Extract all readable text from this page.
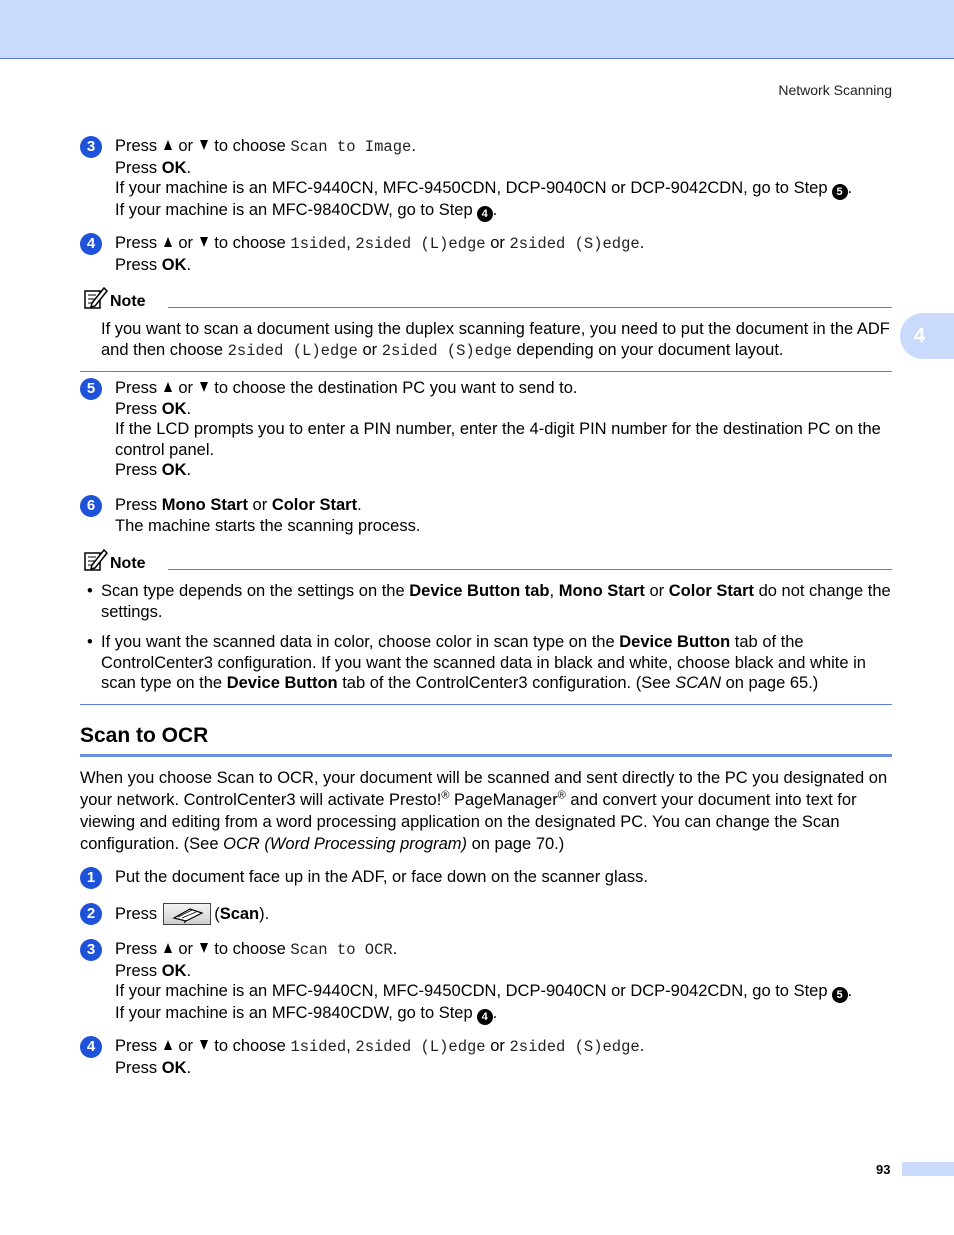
Network Scanning
4
3	Press or to choose Scan to Image.

Press OK.

If your machine is an MFC-9440CN, MFC-9450CDN, DCP-9040CN or DCP-9042CDN, go to Step 5 .

If your machine is an MFC-9840CDW, go to Step 4 .

4	Press or to choose 1sided, 2sided (L)edge or 2sided (S)edge.

Press OK.

Note

If you want to scan a document using the duplex scanning feature, you need to put the document in the ADF and then choose 2sided (L)edge or 2sided (S)edge depending on your document layout.

5	Press or to choose the destination PC you want to send to.

Press OK.

If the LCD prompts you to enter a PIN number, enter the 4-digit PIN number for the destination PC on the control panel.

Press OK.

6	Press Mono Start or Color Start.

The machine starts the scanning process.

Note
• Scan type depends on the settings on the Device Button tab, Mono Start or Color Start do not change the settings.
• If you want the scanned data in color, choose color in scan type on the Device Button tab of the ControlCenter3 configuration. If you want the scanned data in black and white, choose black and white in scan type on the Device Button tab of the ControlCenter3 configuration. (See SCAN on page 65.)
Scan to OCR

When you choose Scan to OCR, your document will be scanned and sent directly to the PC you designated on your network. ControlCenter3 will activate Presto!® PageManager® and convert your document into text for viewing and editing from a word processing application on the designated PC. You can change the Scan configuration. (See OCR (Word Processing program) on page 70.)

1	Put the document face up in the ADF, or face down on the scanner glass.

2	Press	(Scan).

3	Press or to choose Scan to OCR.

Press OK.

If your machine is an MFC-9440CN, MFC-9450CDN, DCP-9040CN or DCP-9042CDN, go to Step 5 .

If your machine is an MFC-9840CDW, go to Step 4 .

4	Press or to choose 1sided, 2sided (L)edge or 2sided (S)edge.

Press OK.

93
